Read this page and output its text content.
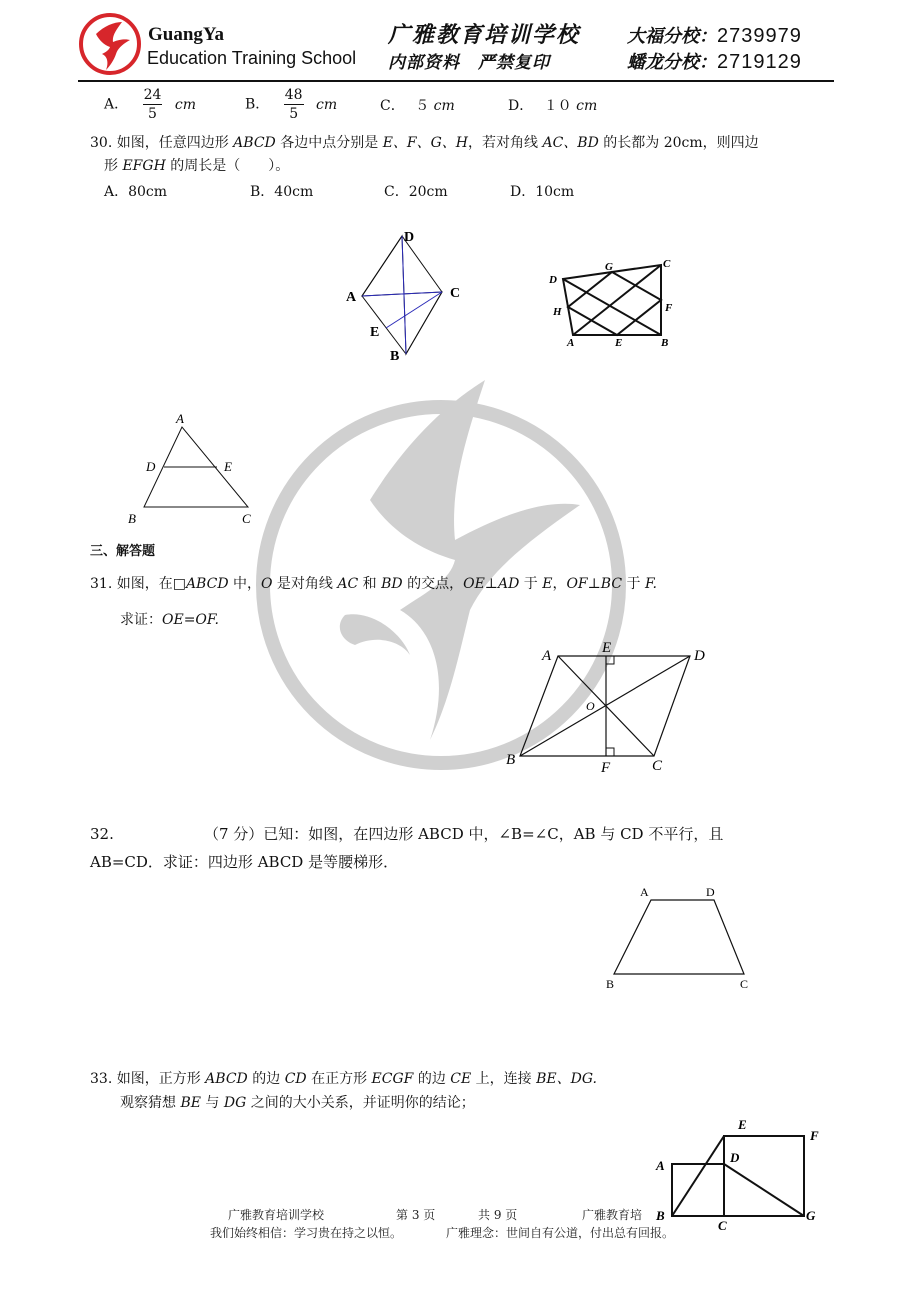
GuangYa
Education Training School
广雅教育培训学校	大福分校：2739979
内部资料　严禁复印	蟠龙分校：2719129
A． $\frac{24}{5}$ cm	B． $\frac{48}{5}$ cm	C． ５ cm	D． １０ cm
30. 如图，任意四边形 ABCD 各边中点分别是 E、F、G、H，若对角线 AC、BD 的长都为 20cm，则四边
形 EFGH 的周长是（　　）。
A．80cm	B．40cm	C．20cm	D．10cm
D
A	C
E
B
D
G	C
H	F
A	E	B
A
D	E
B	C
三、解答题
31. 如图，在□ABCD 中，O 是对角线 AC 和 BD 的交点，OE⊥AD 于 E，OF⊥BC 于 F.
求证：OE=OF.
A	E	D
O
B	F	C
32.	（7 分）已知：如图，在四边形 ABCD 中，∠B=∠C，AB 与 CD 不平行，且
AB=CD．求证：四边形 ABCD 是等腰梯形．
A	D
B	C
33. 如图，正方形 ABCD 的边 CD 在正方形 ECGF 的边 CE 上，连接 BE、DG.
观察猜想 BE 与 DG 之间的大小关系，并证明你的结论；
E
F
A
D
B
C
G
广雅教育培训学校	第 3 页	共 9 页	广雅教育培
我们始终相信：学习贵在持之以恒。	广雅理念：世间自有公道，付出总有回报。
